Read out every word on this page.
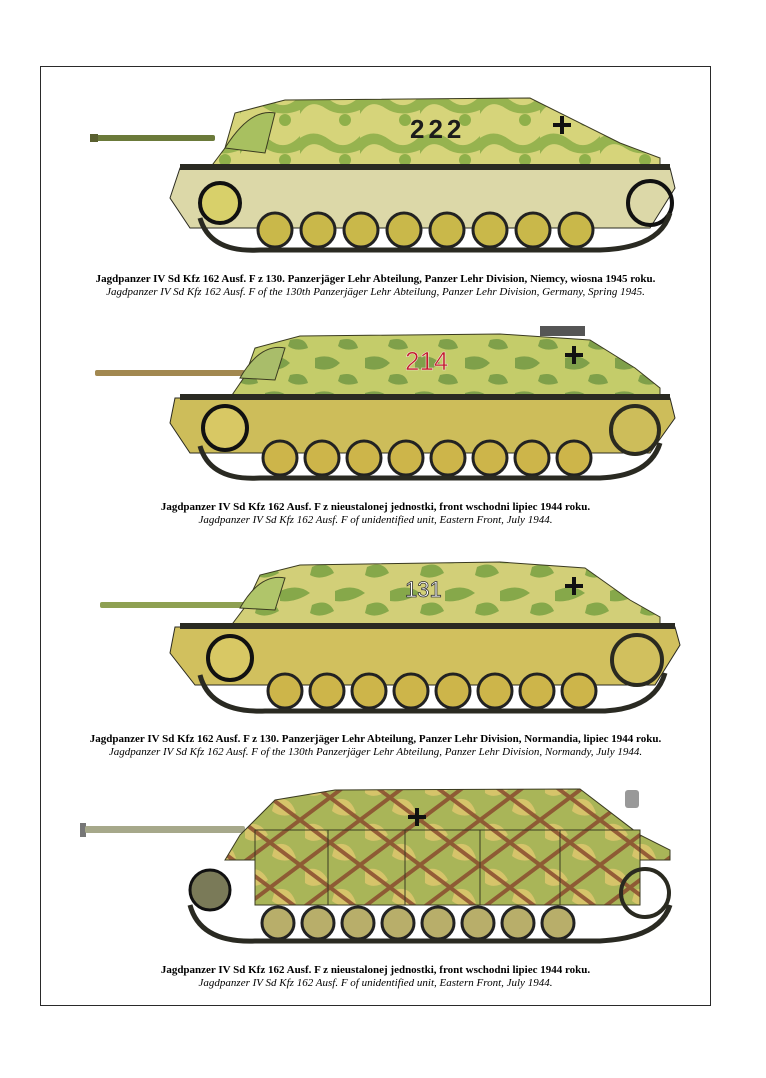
222
Jagdpanzer IV Sd Kfz 162 Ausf. F z 130. Panzerjäger Lehr Abteilung, Panzer Lehr Division, Niemcy, wiosna 1945 roku.
Jagdpanzer IV Sd Kfz 162 Ausf. F of the 130th Panzerjäger Lehr Abteilung, Panzer Lehr Division, Germany, Spring 1945.
214
Jagdpanzer IV Sd Kfz 162 Ausf. F z nieustalonej jednostki, front wschodni lipiec 1944 roku.
Jagdpanzer IV Sd Kfz 162 Ausf. F of unidentified unit, Eastern Front, July 1944.
131
Jagdpanzer IV Sd Kfz 162 Ausf. F z 130. Panzerjäger Lehr Abteilung, Panzer Lehr Division, Normandia, lipiec 1944 roku.
Jagdpanzer IV Sd Kfz 162 Ausf. F of the 130th Panzerjäger Lehr Abteilung, Panzer Lehr Division, Normandy, July 1944.
Jagdpanzer IV Sd Kfz 162 Ausf. F z nieustalonej jednostki, front wschodni lipiec 1944 roku.
Jagdpanzer IV Sd Kfz 162 Ausf. F of unidentified unit, Eastern Front, July 1944.
